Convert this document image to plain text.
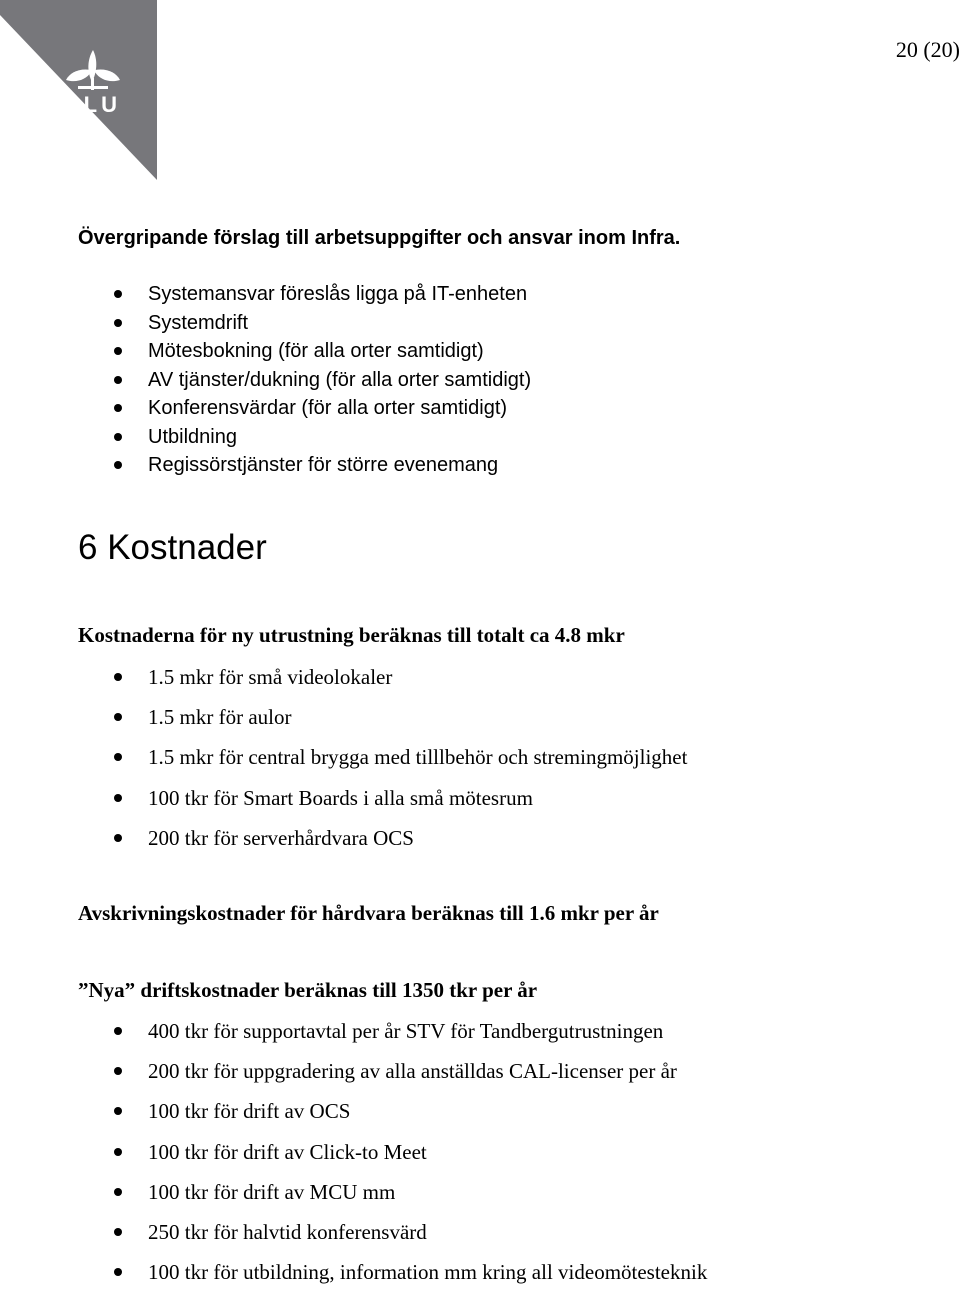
SLU
20 (20)
Övergripande förslag till arbetsuppgifter och ansvar inom Infra.
Systemansvar föreslås ligga på IT-enheten
Systemdrift
Mötesbokning (för alla orter samtidigt)
AV tjänster/dukning (för alla orter samtidigt)
Konferensvärdar (för alla orter samtidigt)
Utbildning
Regissörstjänster för större evenemang
6 Kostnader
Kostnaderna för ny utrustning beräknas till totalt ca 4.8 mkr
1.5 mkr för små videolokaler
1.5 mkr för aulor
1.5 mkr för central brygga med tilllbehör och stremingmöjlighet
100 tkr för Smart Boards i alla små mötesrum
200 tkr för serverhårdvara OCS
Avskrivningskostnader för hårdvara beräknas till 1.6 mkr per år
”Nya” driftskostnader beräknas till 1350 tkr per år
400 tkr för supportavtal per år STV för Tandbergutrustningen
200 tkr för uppgradering av alla anställdas CAL-licenser per år
100 tkr för drift av OCS
100 tkr för drift av Click-to Meet
100 tkr för drift av MCU mm
250 tkr för halvtid konferensvärd
100 tkr för utbildning, information mm kring all videomötesteknik
